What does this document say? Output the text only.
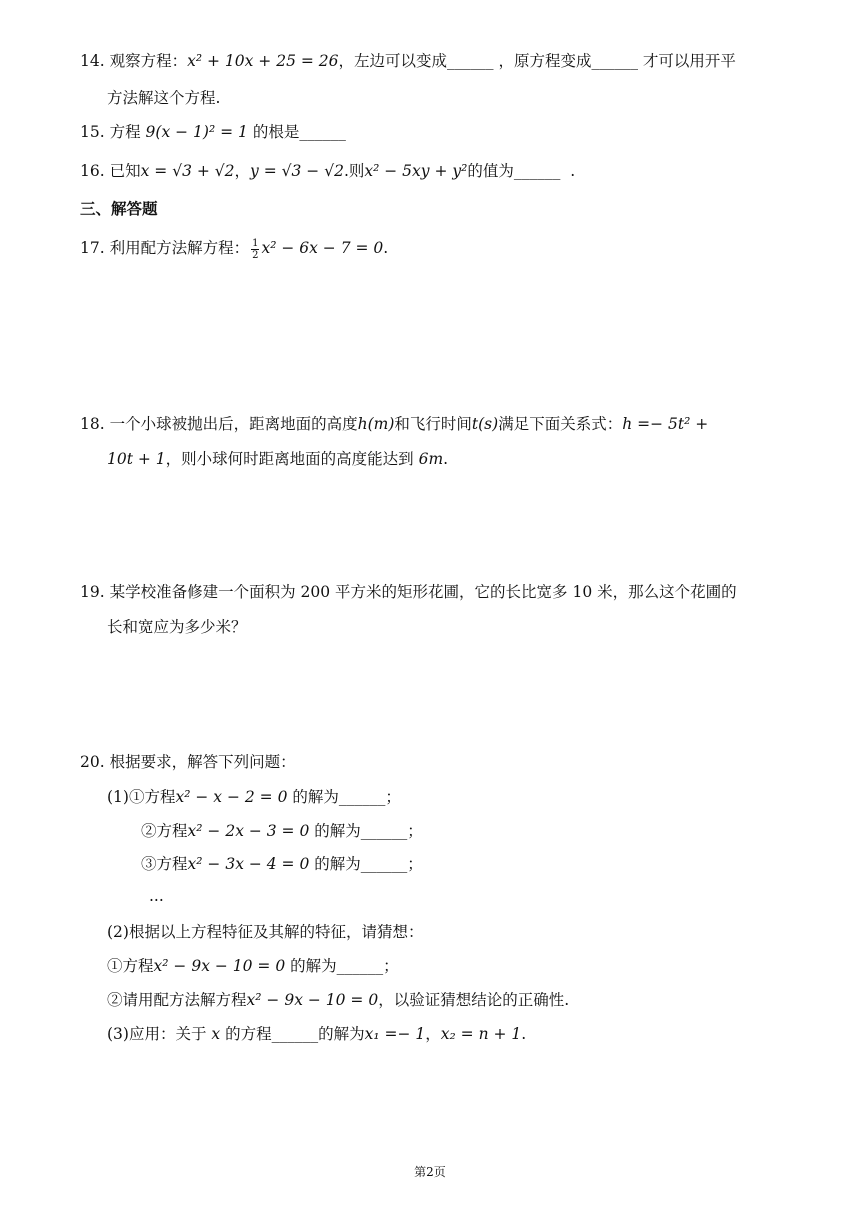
14. 观察方程：x² + 10x + 25 = 26，左边可以变成______ ，原方程变成______ 才可以用开平
方法解这个方程.
15. 方程 9(x − 1)² = 1 的根是______
16. 已知x = √3 + √2，y = √3 − √2.则x² − 5xy + y²的值为______ .
三、解答题
17. 利用配方法解方程： $\frac{1}{2} x^2 - 6x - 7 = 0$.
18. 一个小球被抛出后，距离地面的高度h(m)和飞行时间t(s)满足下面关系式：h =− 5t² +
10t + 1，则小球何时距离地面的高度能达到 6m.
19. 某学校准备修建一个面积为 200 平方米的矩形花圃，它的长比宽多 10 米，那么这个花圃的
长和宽应为多少米？
20. 根据要求，解答下列问题：
(1)①方程x² − x − 2 = 0 的解为______；
②方程x² − 2x − 3 = 0 的解为______；
③方程x² − 3x − 4 = 0 的解为______；
...
(2)根据以上方程特征及其解的特征，请猜想：
①方程x² − 9x − 10 = 0 的解为______；
②请用配方法解方程x² − 9x − 10 = 0，以验证猜想结论的正确性.
(3)应用：关于 x 的方程______的解为x₁ =− 1，x₂ = n + 1.
第2页
